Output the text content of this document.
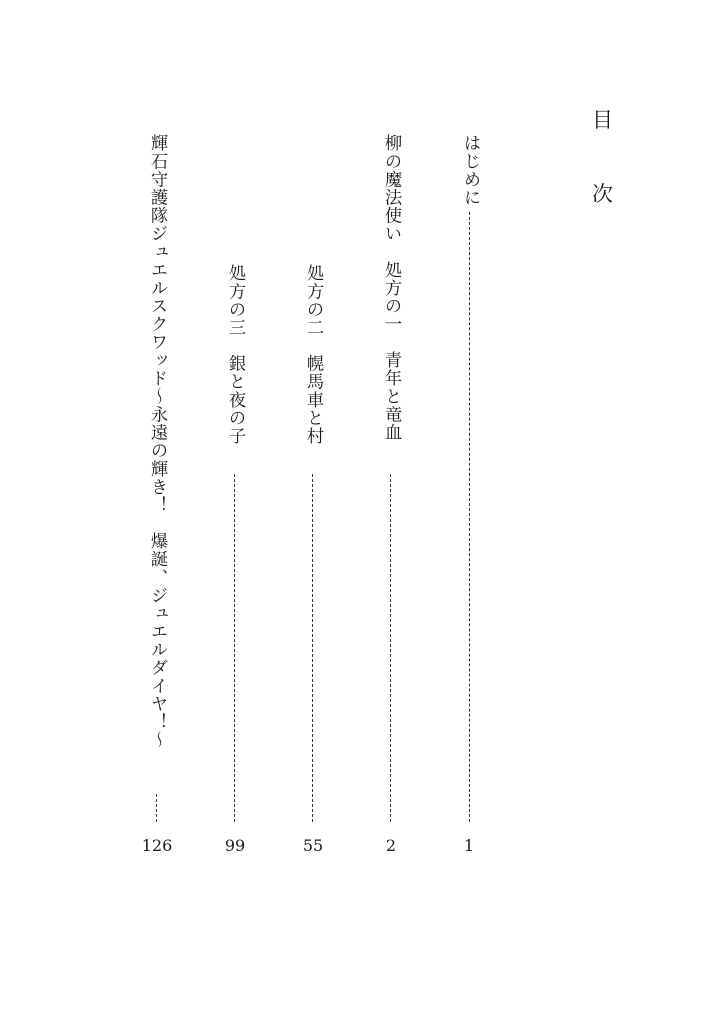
目
次
はじめに
1
柳の魔法使い処方の一青年と竜血
2
処方の二幌馬車と村
55
処方の三銀と夜の子
99
輝石守護隊ジュエルスクワッド～永遠の輝き！爆誕、ジュエルダイヤ！～
126
